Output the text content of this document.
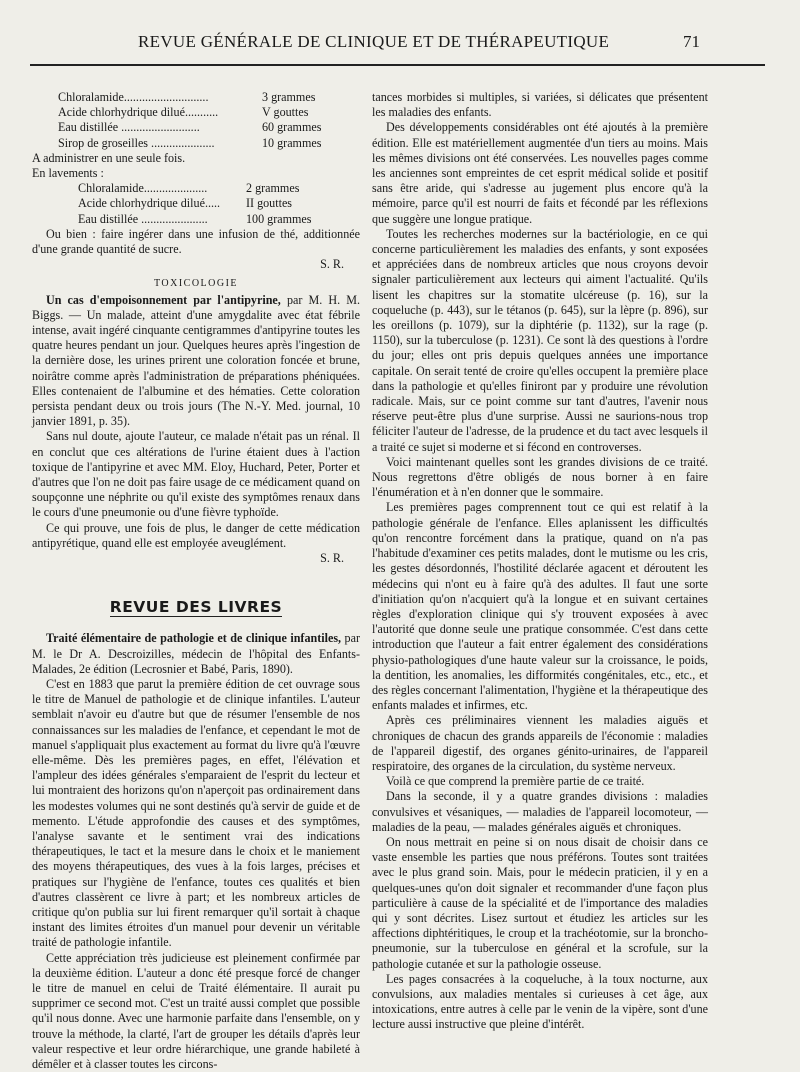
REVUE GÉNÉRALE DE CLINIQUE ET DE THÉRAPEUTIQUE	71
Chloralamide............................	3 grammes
Acide chlorhydrique dilué...........	V gouttes
Eau distillée ..........................	60 grammes
Sirop de groseilles .....................	10 grammes
A administrer en une seule fois.
En lavements :
Chloralamide.....................	2 grammes
Acide chlorhydrique dilué..... II gouttes
Eau distillée ......................	100 grammes

Ou bien : faire ingérer dans une infusion de thé, additionnée d'une grande quantité de sucre.

S. R.
TOXICOLOGIE

Un cas d'empoisonnement par l'antipyrine, par M. H. M. Biggs. — Un malade, atteint d'une amygdalite avec état fébrile intense, avait ingéré cinquante centigrammes d'antipyrine toutes les quatre heures pendant un jour. Quelques heures après l'ingestion de la dernière dose, les urines prirent une coloration foncée et brune, noirâtre comme après l'administration de préparations phéniquées. Elles contenaient de l'albumine et des hématies. Cette coloration persista pendant deux ou trois jours (The N.-Y. Med. journal, 10 janvier 1891, p. 35).

Sans nul doute, ajoute l'auteur, ce malade n'était pas un rénal. Il en conclut que ces altérations de l'urine étaient dues à l'action toxique de l'antipyrine et avec MM. Eloy, Huchard, Peter, Porter et d'autres que l'on ne doit pas faire usage de ce médicament quand on soupçonne une néphrite ou qu'il existe des symptômes renaux dans le cours d'une pneumonie ou d'une fièvre typhoïde.

Ce qui prouve, une fois de plus, le danger de cette médication antipyrétique, quand elle est employée aveuglément.

S. R.
REVUE DES LIVRES

Traité élémentaire de pathologie et de clinique infantiles, par M. le Dr A. Descroizilles, médecin de l'hôpital des Enfants-Malades, 2e édition (Lecrosnier et Babé, Paris, 1890).

C'est en 1883 que parut la première édition de cet ouvrage sous le titre de Manuel de pathologie et de clinique infantiles. L'auteur semblait n'avoir eu d'autre but que de résumer l'ensemble de nos connaissances sur les maladies de l'enfance, et cependant le mot de manuel s'appliquait plus exactement au format du livre qu'à l'œuvre elle-même. Dès les premières pages, en effet, l'élévation et l'ampleur des idées générales s'emparaient de l'esprit du lecteur et lui montraient des horizons qu'on n'aperçoit pas ordinairement dans les modestes volumes qui ne sont destinés qu'à servir de guide et de memento. L'étude approfondie des causes et des symptômes, l'analyse savante et le sentiment vrai des indications thérapeutiques, le tact et la mesure dans le choix et le maniement des moyens thérapeutiques, des vues à la fois larges, précises et pratiques sur l'hygiène de l'enfance, toutes ces qualités et bien d'autres classèrent ce livre à part; et les nombreux articles de critique qu'on publia sur lui firent remarquer qu'il sortait à chaque instant des limites étroites d'un manuel pour devenir un véritable traité de pathologie infantile.

Cette appréciation très judicieuse est pleinement confirmée par la deuxième édition. L'auteur a donc été presque forcé de changer le titre de manuel en celui de Traité élémentaire. Il aurait pu supprimer ce second mot. C'est un traité aussi complet que possible qu'il nous donne. Avec une harmonie parfaite dans l'ensemble, on y trouve la méthode, la clarté, l'art de grouper les détails d'après leur valeur respective et leur ordre hiérarchique, une grande habileté à démêler et à classer toutes les circons-

tances morbides si multiples, si variées, si délicates que présentent les maladies des enfants.

Des développements considérables ont été ajoutés à la première édition. Elle est matériellement augmentée d'un tiers au moins. Mais les mêmes divisions ont été conservées. Les nouvelles pages comme les anciennes sont empreintes de cet esprit médical solide et positif sans être aride, qui s'adresse au jugement plus encore qu'à la mémoire, parce qu'il est nourri de faits et fécondé par les réflexions que suggère une longue pratique.

Toutes les recherches modernes sur la bactériologie, en ce qui concerne particulièrement les maladies des enfants, y sont exposées et appréciées dans de nombreux articles que nous croyons devoir signaler particulièrement aux lecteurs qui aiment l'actualité. Qu'ils lisent les chapitres sur la stomatite ulcéreuse (p. 16), sur la coqueluche (p. 443), sur le tétanos (p. 645), sur la lèpre (p. 896), sur les oreillons (p. 1079), sur la diphtérie (p. 1132), sur la rage (p. 1150), sur la tuberculose (p. 1231). Ce sont là des questions à l'ordre du jour; elles ont pris depuis quelques années une importance capitale. On serait tenté de croire qu'elles occupent la première place dans la pathologie et qu'elles finiront par y produire une révolution radicale. Mais, sur ce point comme sur tant d'autres, l'avenir nous réserve peut-être plus d'une surprise. Aussi ne saurions-nous trop féliciter l'auteur de l'adresse, de la prudence et du tact avec lesquels il a traité ce sujet si moderne et si fécond en controverses.

Voici maintenant quelles sont les grandes divisions de ce traité. Nous regrettons d'être obligés de nous borner à en faire l'énumération et à n'en donner que le sommaire.

Les premières pages comprennent tout ce qui est relatif à la pathologie générale de l'enfance. Elles aplanissent les difficultés qu'on rencontre forcément dans la pratique, quand on n'a pas l'habitude d'examiner ces petits malades, dont le mutisme ou les cris, les gestes désordonnés, l'hostilité déclarée agacent et déroutent les médecins qui n'ont eu à faire qu'à des adultes. Il faut une sorte d'initiation qu'on n'acquiert qu'à la longue et en suivant certaines règles d'exploration clinique qui s'y trouvent exposées à avec l'autorité que donne seule une pratique consommée. C'est dans cette introduction que l'auteur a fait entrer également des considérations physio-pathologiques d'une haute valeur sur la croissance, le poids, la dentition, les anomalies, les difformités congénitales, etc., etc., et des règles concernant l'alimentation, l'hygiène et la thérapeutique des enfants malades et infirmes, etc.

Après ces préliminaires viennent les maladies aiguës et chroniques de chacun des grands appareils de l'économie : maladies de l'appareil digestif, des organes génito-urinaires, de l'appareil respiratoire, des organes de la circulation, du système nerveux.

Voilà ce que comprend la première partie de ce traité.

Dans la seconde, il y a quatre grandes divisions : maladies convulsives et vésaniques, — maladies de l'appareil locomoteur, — maladies de la peau, — malades générales aiguës et chroniques.

On nous mettrait en peine si on nous disait de choisir dans ce vaste ensemble les parties que nous préférons. Toutes sont traitées avec le plus grand soin. Mais, pour le médecin praticien, il y en a quelques-unes qu'on doit signaler et recommander d'une façon plus particulière à cause de la spécialité et de l'importance des maladies qui y sont décrites. Lisez surtout et étudiez les articles sur les affections diphtéritiques, le croup et la trachéotomie, sur la broncho-pneumonie, sur la tuberculose en général et la scrofule, sur la pathologie cutanée et sur la pathologie osseuse.

Les pages consacrées à la coqueluche, à la toux nocturne, aux convulsions, aux maladies mentales si curieuses à cet âge, aux intoxications, entre autres à celle par le venin de la vipère, sont d'une lecture aussi instructive que pleine d'intérêt.
